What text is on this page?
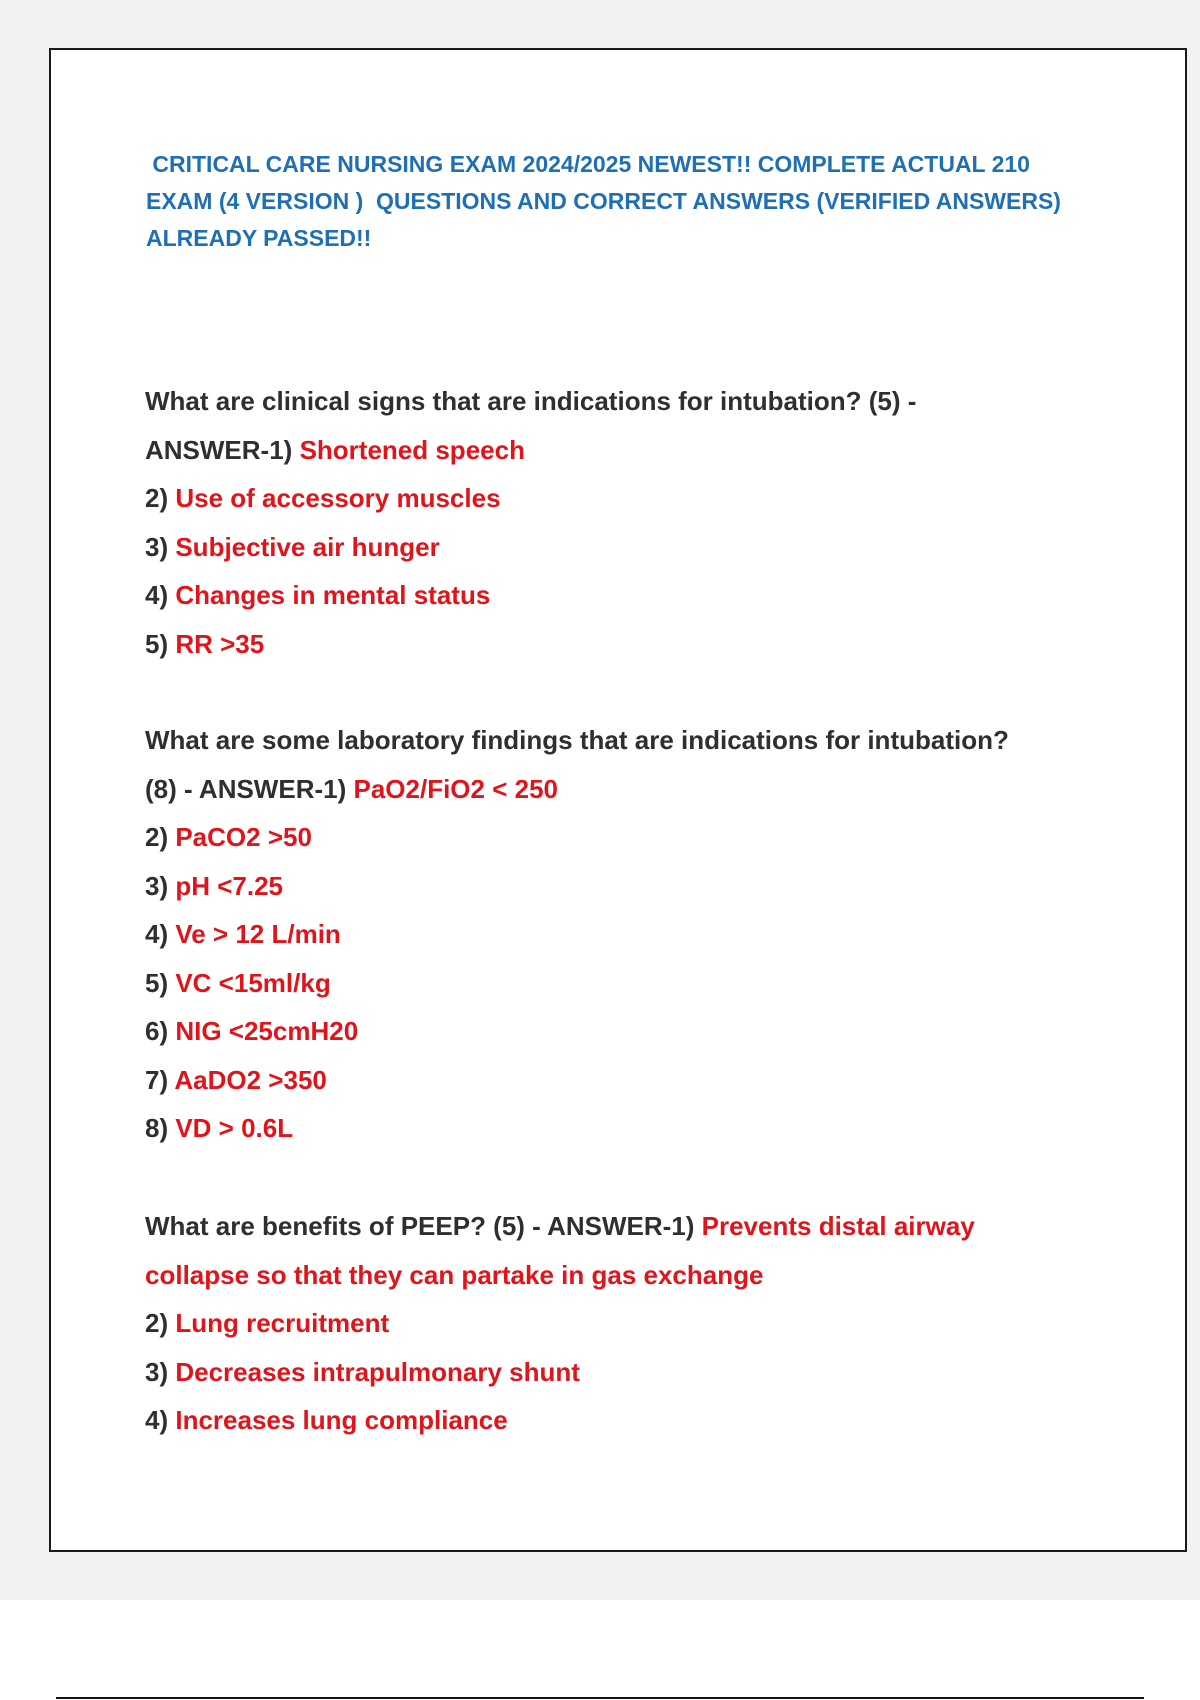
CRITICAL CARE NURSING EXAM 2024/2025 NEWEST!! COMPLETE ACTUAL 210
EXAM (4 VERSION )  QUESTIONS AND CORRECT ANSWERS (VERIFIED ANSWERS)
ALREADY PASSED!!
What are clinical signs that are indications for intubation? (5) -
ANSWER-1) Shortened speech
2) Use of accessory muscles
3) Subjective air hunger
4) Changes in mental status
5) RR >35
What are some laboratory findings that are indications for intubation?
(8) - ANSWER-1) PaO2/FiO2 < 250
2) PaCO2 >50
3) pH <7.25
4) Ve > 12 L/min
5) VC <15ml/kg
6) NIG <25cmH20
7) AaDO2 >350
8) VD > 0.6L
What are benefits of PEEP? (5) - ANSWER-1) Prevents distal airway
collapse so that they can partake in gas exchange
2) Lung recruitment
3) Decreases intrapulmonary shunt
4) Increases lung compliance
